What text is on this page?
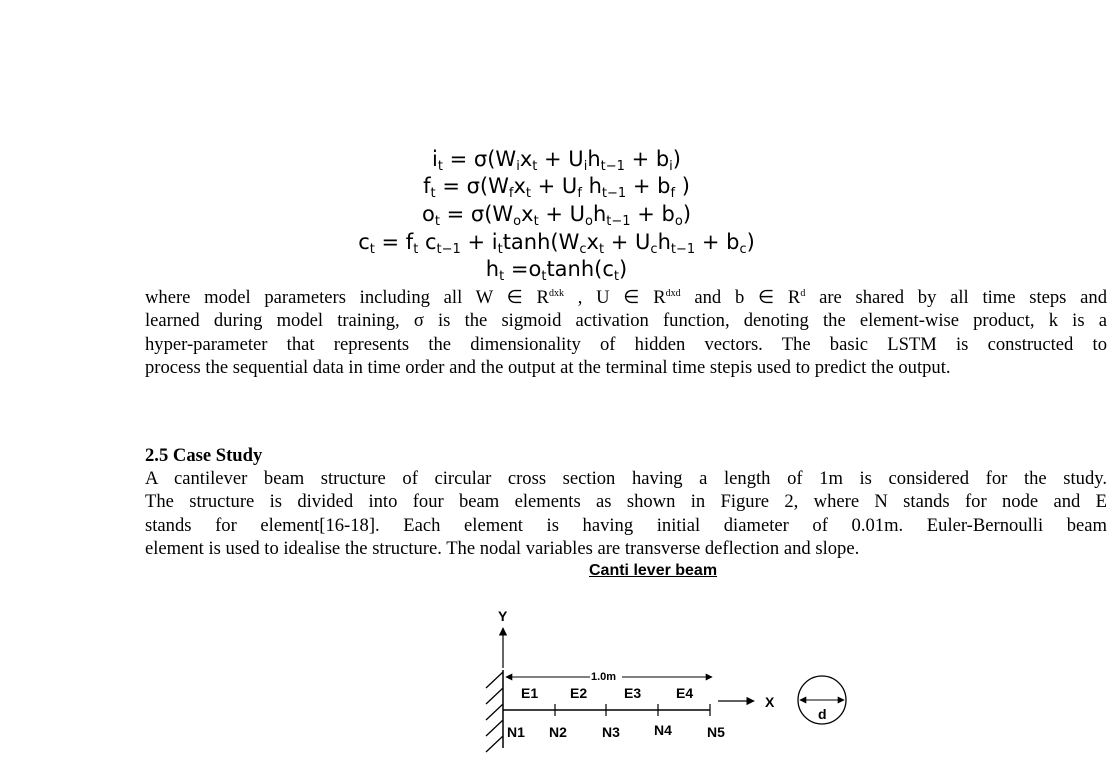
$i_t = \sigma(W_ix_t + U_ih_{t-1} + b_i)$
$f_t = \sigma(W_fx_t + U_f$ $h_{t-1} + b_f$ )
$o_t = \sigma(W_ox_t + U_oh_{t-1} + b_o)$
$c_t = f_t$ $c_{t-1} + i_t\tanh(W_cx_t + U_ch_{t-1} + b_c)$
$h_t =o_t\tanh(c_t)$

where model parameters including all W ∈ $R^{dxk}$ , U ∈ $R^{dxd}$ and b ∈ $R^d$ are shared by all time steps and

learned during model training, σ is the sigmoid activation function, denoting the element-wise product, k is a

hyper-parameter that represents the dimensionality of hidden vectors. The basic LSTM is constructed to

process the sequential data in time order and the output at the terminal time stepis used to predict the output.

2.5 Case Study

A cantilever beam structure of circular cross section having a length of 1m is considered for the study.

The structure is divided into four beam elements as shown in Figure 2, where N stands for node and E

stands for element[16-18]. Each element is having initial diameter of 0.01m. Euler-Bernoulli beam

element is used to idealise the structure. The nodal variables are transverse deflection and slope.

Canti lever beam
Y
1.0m
E1 E2	E3 E4
X
N1 N2	N3 N4	N5
d
